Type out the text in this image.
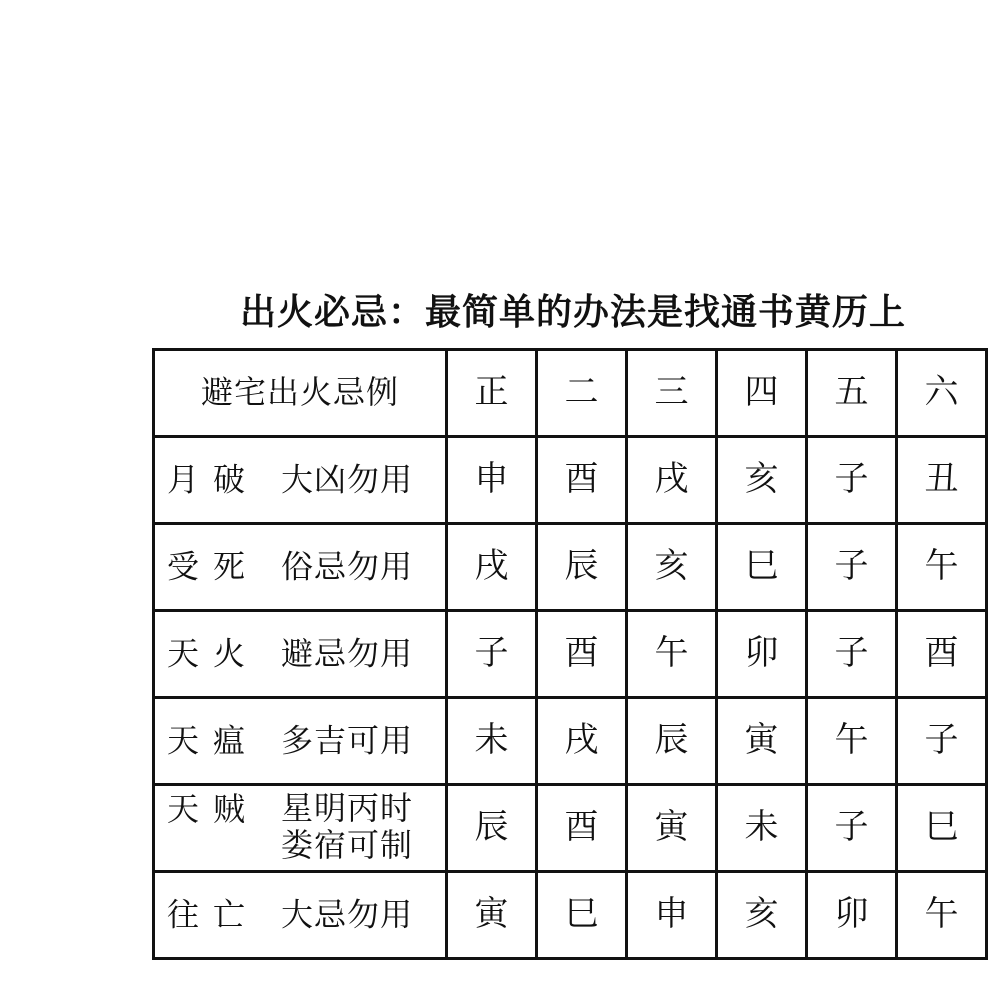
出火必忌：最简单的办法是找通书黄历上
避宅出火忌例	正	二	三	四	五	六

月破 大凶勿用	申	酉	戌	亥	子	丑

受死 俗忌勿用	戌	辰	亥	巳	子	午

天火 避忌勿用	子	酉	午	卯	子	酉

天瘟 多吉可用	未	戌	辰	寅	午	子

天贼 星明丙时
娄宿可制	辰	酉	寅	未	子	巳

往亡 大忌勿用	寅	巳	申	亥	卯	午
